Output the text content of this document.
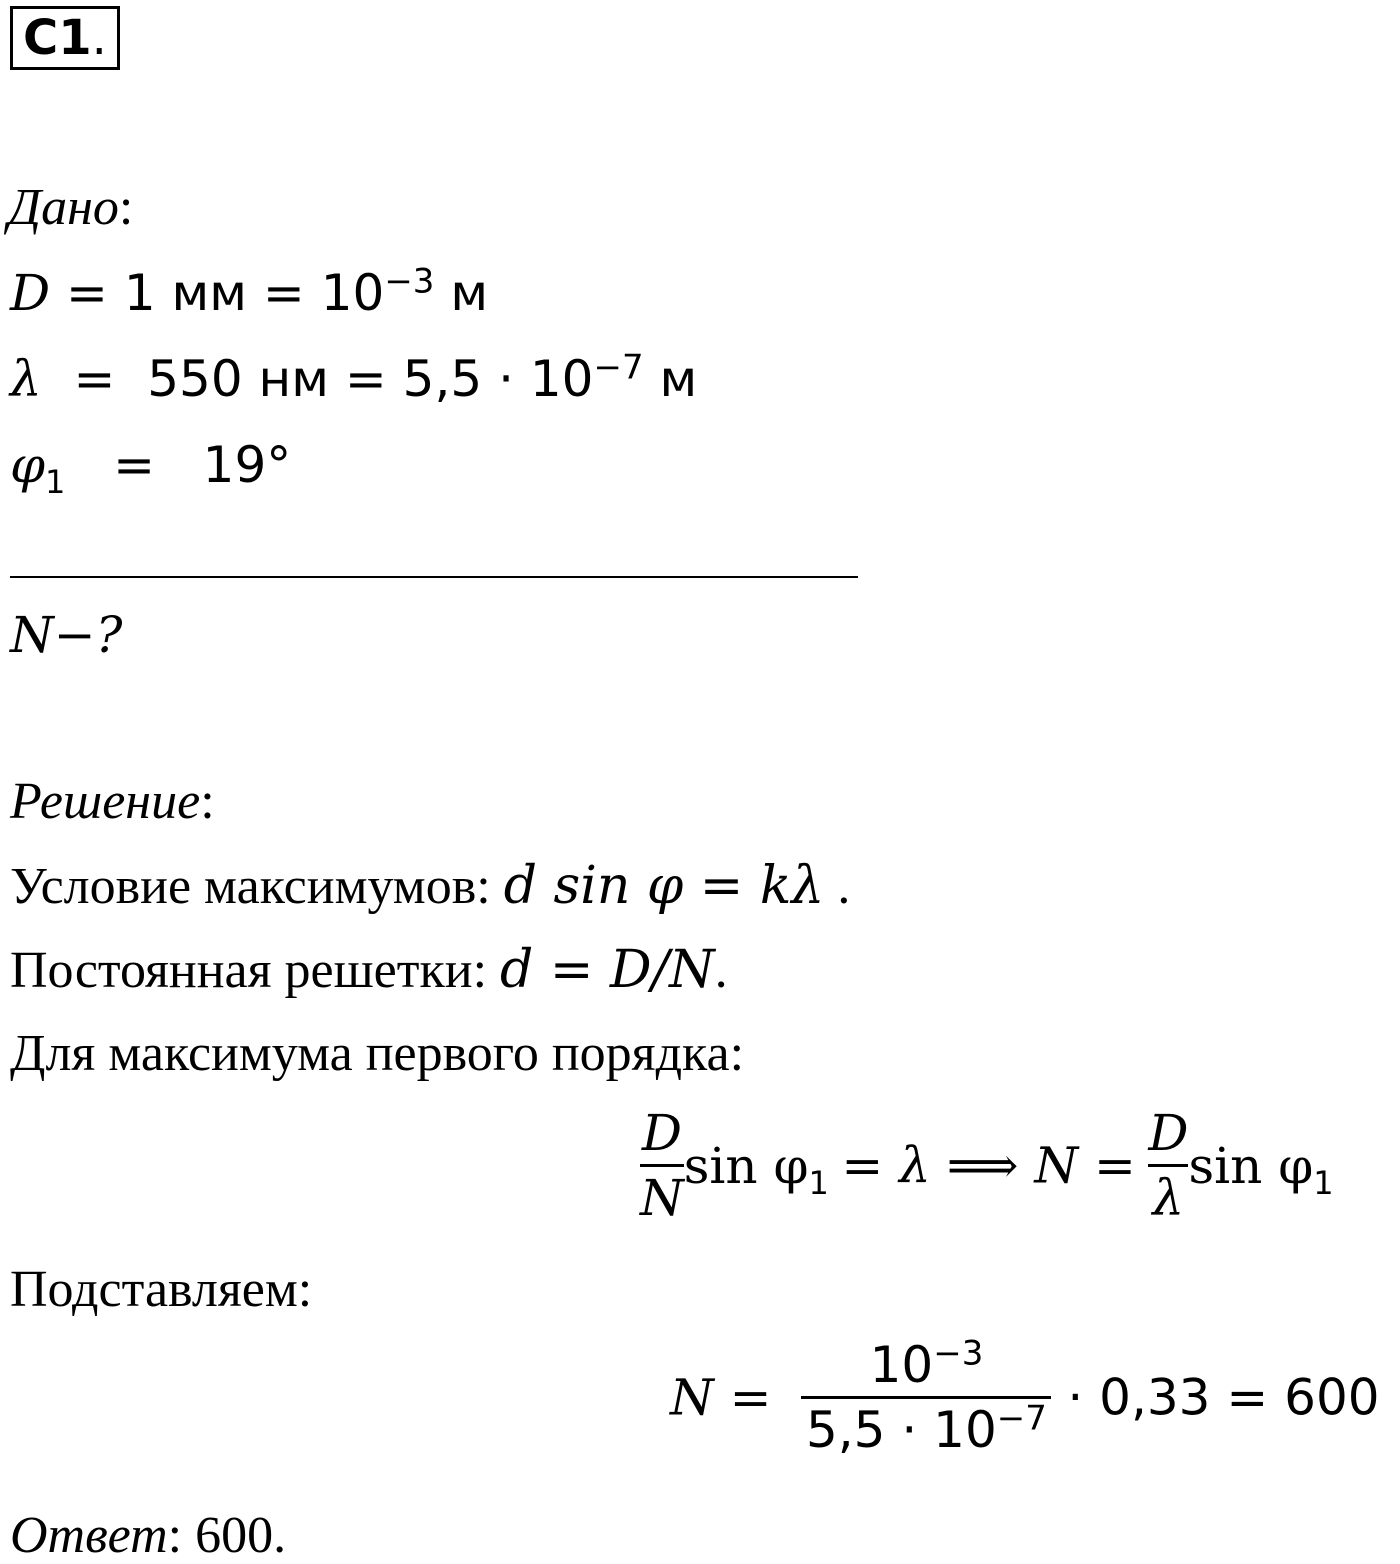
C1 .
Дано:
D = 1 мм = $10^{-3}$ м
λ = 550 нм = $5,5 \cdot 10^{-7}$ м
$\varphi_1 = 19^\circ$
N−?
Решение:
Условие максимумов: d sin φ = kλ .
Постоянная решетки: d = D/N.
Для максимума первого порядка:
$\frac{D}{N}$ $\sin \varphi_1 = \lambda$ ⟹ $N = \frac{D}{\lambda}$ $\sin \varphi_1$
Подставляем:
$N = \frac{10^{-3}}{5,5 \cdot 10^{-7}} \cdot 0,33 = 600$
Ответ: 600.
